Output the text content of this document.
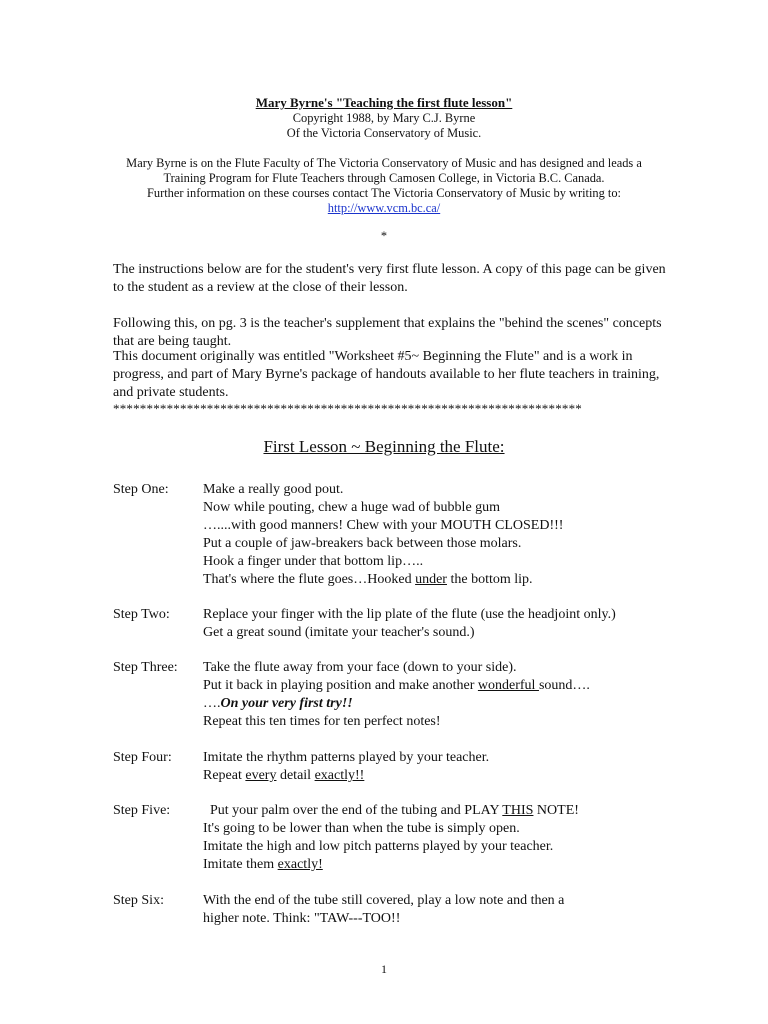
Mary Byrne's "Teaching the first flute lesson"
Copyright 1988, by Mary C.J. Byrne
Of the Victoria Conservatory of Music.
Mary Byrne is on the Flute Faculty of The Victoria Conservatory of Music and has designed and leads a
Training Program for Flute Teachers through Camosen College, in Victoria B.C. Canada.
Further information on these courses contact The Victoria Conservatory of Music by writing to:
http://www.vcm.bc.ca/
*
The instructions below are for the student's very first flute lesson. A copy of this page can be given to the student as a review at the close of their lesson.
Following this, on pg. 3 is the teacher's supplement that explains the "behind the scenes" concepts that are being taught.
This document originally was entitled "Worksheet #5~ Beginning the Flute" and is a work in progress, and part of Mary Byrne's package of handouts available to her flute teachers in training, and private students.
**********************************************************************
First Lesson ~ Beginning the Flute:
Step One:	Make a really good pout.
Now while pouting, chew a huge wad of bubble gum
…....with good manners! Chew with your MOUTH CLOSED!!!
Put a couple of jaw-breakers back between those molars.
Hook a finger under that bottom lip…..
That's where the flute goes…Hooked under the bottom lip.
Step Two:	Replace your finger with the lip plate of the flute (use the headjoint only.)
Get a great sound (imitate your teacher's sound.)
Step Three:	Take the flute away from your face (down to your side).
Put it back in playing position and make another wonderful sound….
….On your very first try!!
Repeat this ten times for ten perfect notes!
Step Four:	Imitate the rhythm patterns played by your teacher.
Repeat every detail exactly!!
Step Five:	Put your palm over the end of the tubing and PLAY THIS NOTE!
It's going to be lower than when the tube is simply open.
Imitate the high and low pitch patterns played by your teacher.
Imitate them exactly!
Step Six:	With the end of the tube still covered, play a low note and then a
higher note. Think: "TAW---TOO!!
1
